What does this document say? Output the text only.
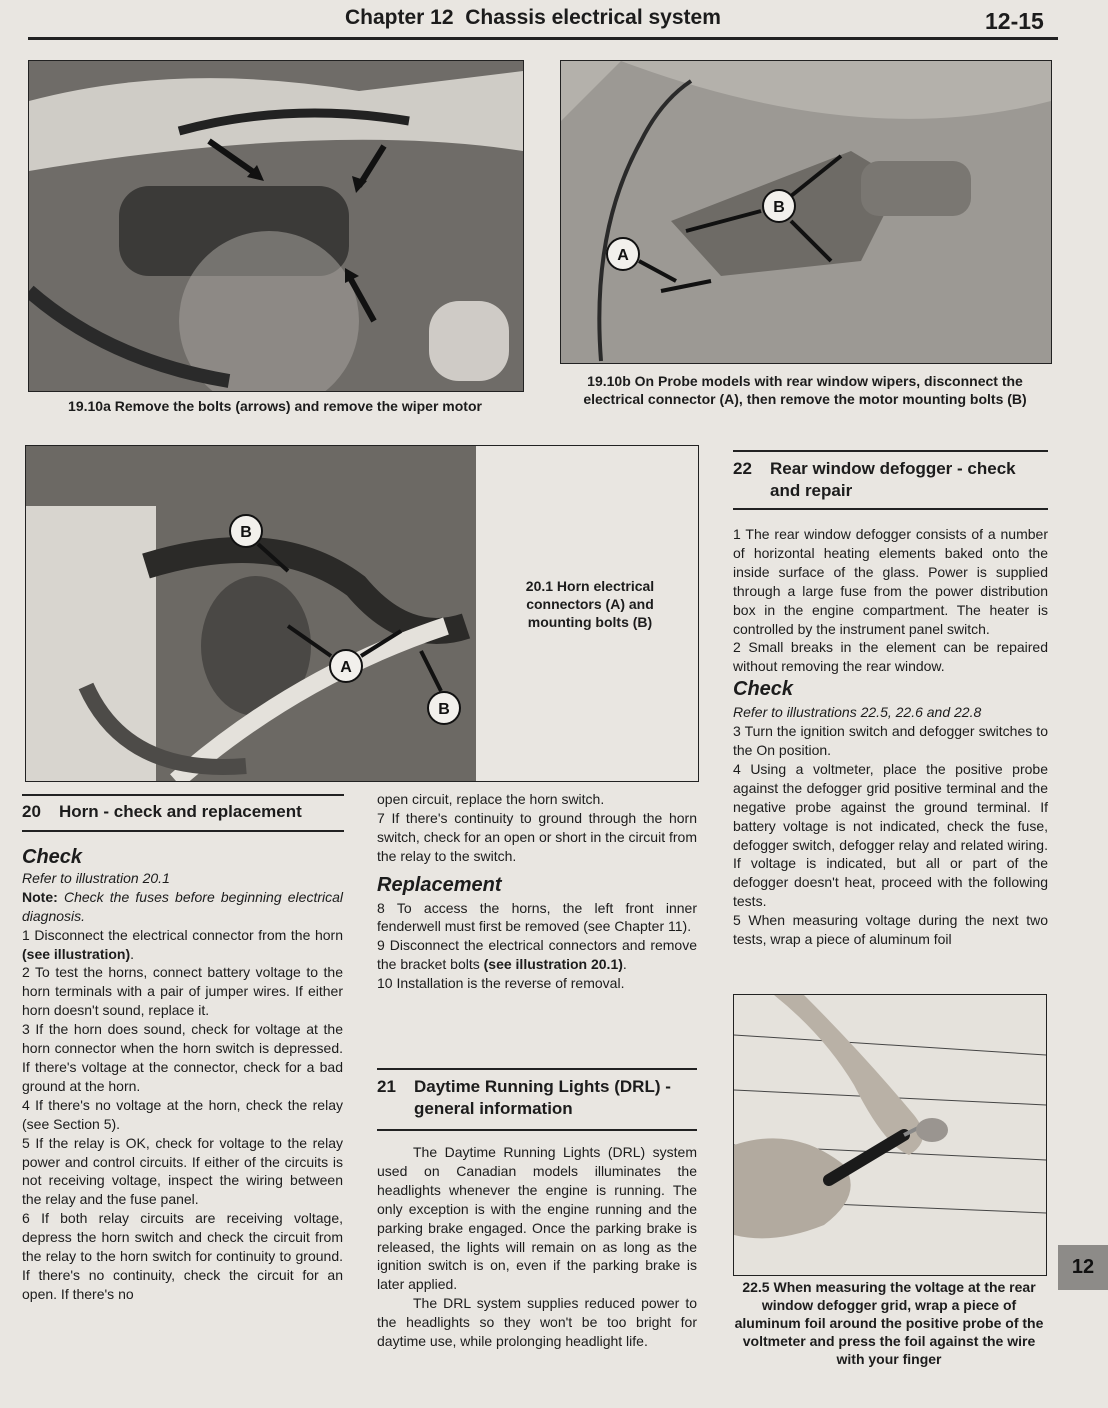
Chapter 12 Chassis electrical system	12-15
19.10a Remove the bolts (arrows) and remove the wiper motor
A
B
19.10b On Probe models with rear window wipers, disconnect the electrical connector (A), then remove the motor mounting bolts (B)
B
A
B
20.1 Horn electrical connectors (A) and mounting bolts (B)
22	Rear window defogger - check and repair

1 The rear window defogger consists of a number of horizontal heating elements baked onto the inside surface of the glass. Power is supplied through a large fuse from the power distribution box in the engine compartment. The heater is controlled by the instrument panel switch.

2 Small breaks in the element can be repaired without removing the rear window.

Check

Refer to illustrations 22.5, 22.6 and 22.8

3 Turn the ignition switch and defogger switches to the On position.

4 Using a voltmeter, place the positive probe against the defogger grid positive terminal and the negative probe against the ground terminal. If battery voltage is not indicated, check the fuse, defogger switch, defogger relay and related wiring. If voltage is indicated, but all or part of the defogger doesn't heat, proceed with the following tests.

5 When measuring voltage during the next two tests, wrap a piece of aluminum foil

22.5 When measuring the voltage at the rear window defogger grid, wrap a piece of aluminum foil around the positive probe of the voltmeter and press the foil against the wire with your finger
12
20 Horn - check and replacement
Check

Refer to illustration 20.1

Note: Check the fuses before beginning electrical diagnosis.

1 Disconnect the electrical connector from the horn (see illustration).

2 To test the horns, connect battery voltage to the horn terminals with a pair of jumper wires. If either horn doesn't sound, replace it.

3 If the horn does sound, check for voltage at the horn connector when the horn switch is depressed. If there's voltage at the connector, check for a bad ground at the horn.

4 If there's no voltage at the horn, check the relay (see Section 5).

5 If the relay is OK, check for voltage to the relay power and control circuits. If either of the circuits is not receiving voltage, inspect the wiring between the relay and the fuse panel.

6 If both relay circuits are receiving voltage, depress the horn switch and check the circuit from the relay to the horn switch for continuity to ground. If there's no continuity, check the circuit for an open. If there's no

open circuit, replace the horn switch.

7 If there's continuity to ground through the horn switch, check for an open or short in the circuit from the relay to the switch.

Replacement

8 To access the horns, the left front inner fenderwell must first be removed (see Chapter 11).

9 Disconnect the electrical connectors and remove the bracket bolts (see illustration 20.1).

10 Installation is the reverse of removal.

21	Daytime Running Lights (DRL) - general information

The Daytime Running Lights (DRL) system used on Canadian models illuminates the headlights whenever the engine is running. The only exception is with the engine running and the parking brake engaged. Once the parking brake is released, the lights will remain on as long as the ignition switch is on, even if the parking brake is later applied.

The DRL system supplies reduced power to the headlights so they won't be too bright for daytime use, while prolonging headlight life.
